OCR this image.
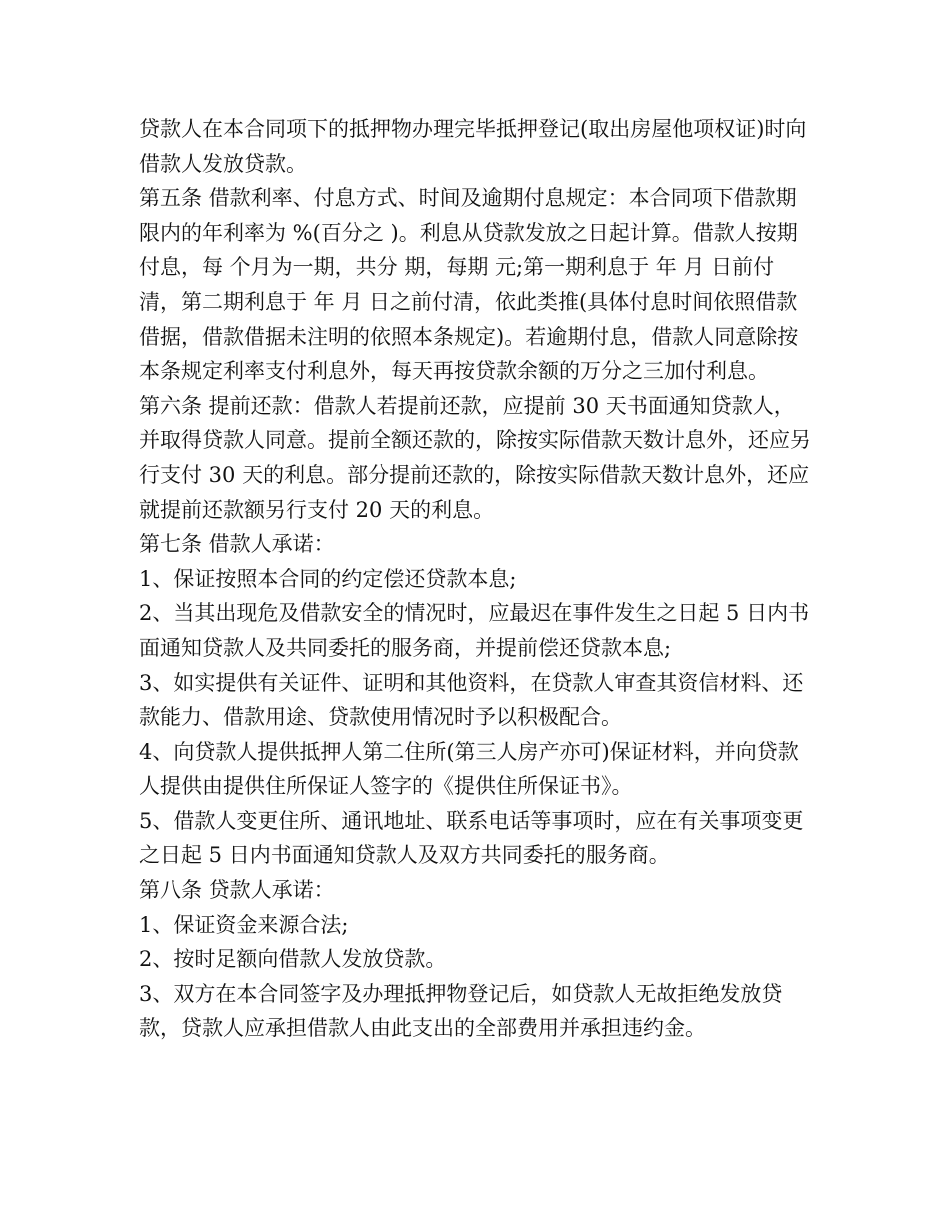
贷款人在本合同项下的抵押物办理完毕抵押登记(取出房屋他项权证)时向借款人发放贷款。

第五条 借款利率、付息方式、时间及逾期付息规定：本合同项下借款期限内的年利率为 %(百分之 )。利息从贷款发放之日起计算。借款人按期付息，每 个月为一期，共分 期，每期 元;第一期利息于 年 月 日前付清，第二期利息于 年 月 日之前付清，依此类推(具体付息时间依照借款借据，借款借据未注明的依照本条规定)。若逾期付息，借款人同意除按本条规定利率支付利息外，每天再按贷款余额的万分之三加付利息。

第六条 提前还款：借款人若提前还款，应提前 30 天书面通知贷款人，并取得贷款人同意。提前全额还款的，除按实际借款天数计息外，还应另行支付 30 天的利息。部分提前还款的，除按实际借款天数计息外，还应就提前还款额另行支付 20 天的利息。

第七条 借款人承诺：

1、保证按照本合同的约定偿还贷款本息;

2、当其出现危及借款安全的情况时，应最迟在事件发生之日起 5 日内书面通知贷款人及共同委托的服务商，并提前偿还贷款本息;

3、如实提供有关证件、证明和其他资料，在贷款人审查其资信材料、还款能力、借款用途、贷款使用情况时予以积极配合。

4、向贷款人提供抵押人第二住所(第三人房产亦可)保证材料，并向贷款人提供由提供住所保证人签字的《提供住所保证书》。

5、借款人变更住所、通讯地址、联系电话等事项时，应在有关事项变更之日起 5 日内书面通知贷款人及双方共同委托的服务商。

第八条 贷款人承诺：

1、保证资金来源合法;

2、按时足额向借款人发放贷款。

3、双方在本合同签字及办理抵押物登记后，如贷款人无故拒绝发放贷款，贷款人应承担借款人由此支出的全部费用并承担违约金。
